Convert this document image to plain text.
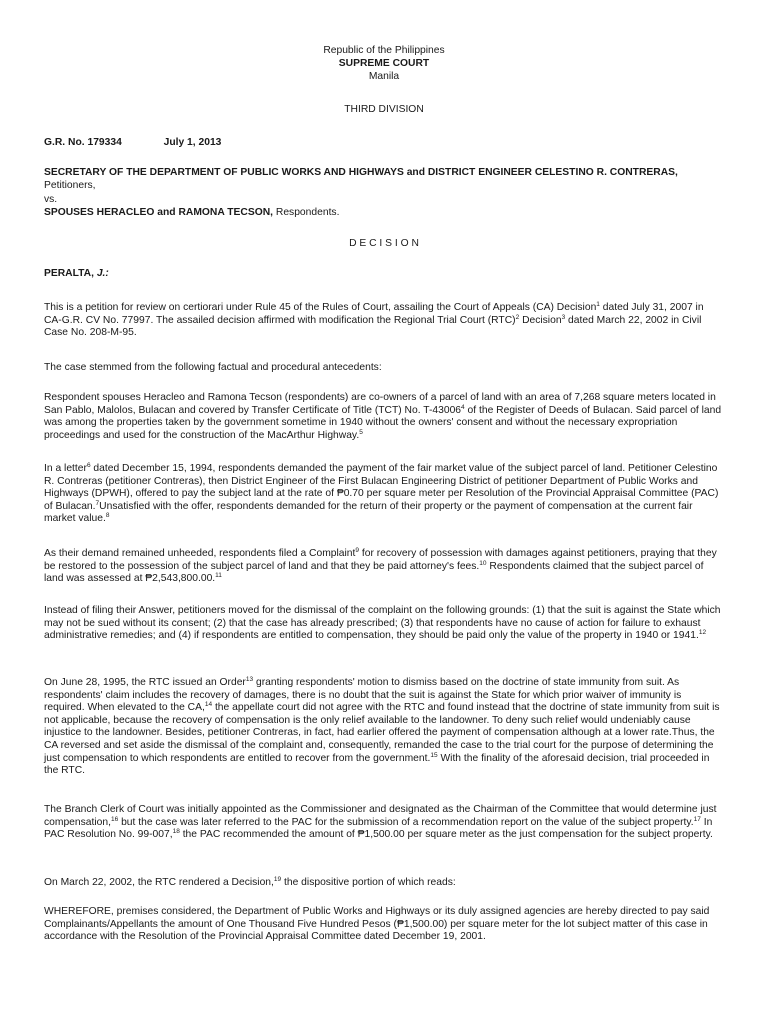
Republic of the Philippines
SUPREME COURT
Manila
THIRD DIVISION
G.R. No. 179334	July 1, 2013
SECRETARY OF THE DEPARTMENT OF PUBLIC WORKS AND HIGHWAYS and DISTRICT ENGINEER CELESTINO R. CONTRERAS, Petitioners,
vs.
SPOUSES HERACLEO and RAMONA TECSON, Respondents.
D E C I S I O N
PERALTA, J.:
This is a petition for review on certiorari under Rule 45 of the Rules of Court, assailing the Court of Appeals (CA) Decision$^1$ dated July 31, 2007 in CA-G.R. CV No. 77997. The assailed decision affirmed with modification the Regional Trial Court (RTC)$^2$ Decision$^3$ dated March 22, 2002 in Civil Case No. 208-M-95.
The case stemmed from the following factual and procedural antecedents:
Respondent spouses Heracleo and Ramona Tecson (respondents) are co-owners of a parcel of land with an area of 7,268 square meters located in San Pablo, Malolos, Bulacan and covered by Transfer Certificate of Title (TCT) No. T-43006$^4$ of the Register of Deeds of Bulacan. Said parcel of land was among the properties taken by the government sometime in 1940 without the owners' consent and without the necessary expropriation proceedings and used for the construction of the MacArthur Highway.$^5$
In a letter$^6$ dated December 15, 1994, respondents demanded the payment of the fair market value of the subject parcel of land. Petitioner Celestino R. Contreras (petitioner Contreras), then District Engineer of the First Bulacan Engineering District of petitioner Department of Public Works and Highways (DPWH), offered to pay the subject land at the rate of ₱0.70 per square meter per Resolution of the Provincial Appraisal Committee (PAC) of Bulacan.$^7$Unsatisfied with the offer, respondents demanded for the return of their property or the payment of compensation at the current fair market value.$^8$
As their demand remained unheeded, respondents filed a Complaint$^9$ for recovery of possession with damages against petitioners, praying that they be restored to the possession of the subject parcel of land and that they be paid attorney's fees.$^{10}$ Respondents claimed that the subject parcel of land was assessed at ₱2,543,800.00.11
Instead of filing their Answer, petitioners moved for the dismissal of the complaint on the following grounds: (1) that the suit is against the State which may not be sued without its consent; (2) that the case has already prescribed; (3) that respondents have no cause of action for failure to exhaust administrative remedies; and (4) if respondents are entitled to compensation, they should be paid only the value of the property in 1940 or 1941.12
On June 28, 1995, the RTC issued an Order$^{13}$ granting respondents' motion to dismiss based on the doctrine of state immunity from suit. As respondents' claim includes the recovery of damages, there is no doubt that the suit is against the State for which prior waiver of immunity is required. When elevated to the CA,$^{14}$ the appellate court did not agree with the RTC and found instead that the doctrine of state immunity from suit is not applicable, because the recovery of compensation is the only relief available to the landowner. To deny such relief would undeniably cause injustice to the landowner. Besides, petitioner Contreras, in fact, had earlier offered the payment of compensation although at a lower rate.Thus, the CA reversed and set aside the dismissal of the complaint and, consequently, remanded the case to the trial court for the purpose of determining the just compensation to which respondents are entitled to recover from the government.$^{15}$ With the finality of the aforesaid decision, trial proceeded in the RTC.
The Branch Clerk of Court was initially appointed as the Commissioner and designated as the Chairman of the Committee that would determine just compensation,$^{16}$ but the case was later referred to the PAC for the submission of a recommendation report on the value of the subject property.$^{17}$ In PAC Resolution No. 99-007,18 the PAC recommended the amount of ₱1,500.00 per square meter as the just compensation for the subject property.
On March 22, 2002, the RTC rendered a Decision,$^{19}$ the dispositive portion of which reads:
WHEREFORE, premises considered, the Department of Public Works and Highways or its duly assigned agencies are hereby directed to pay said Complainants/Appellants the amount of One Thousand Five Hundred Pesos (₱1,500.00) per square meter for the lot subject matter of this case in accordance with the Resolution of the Provincial Appraisal Committee dated December 19, 2001.
